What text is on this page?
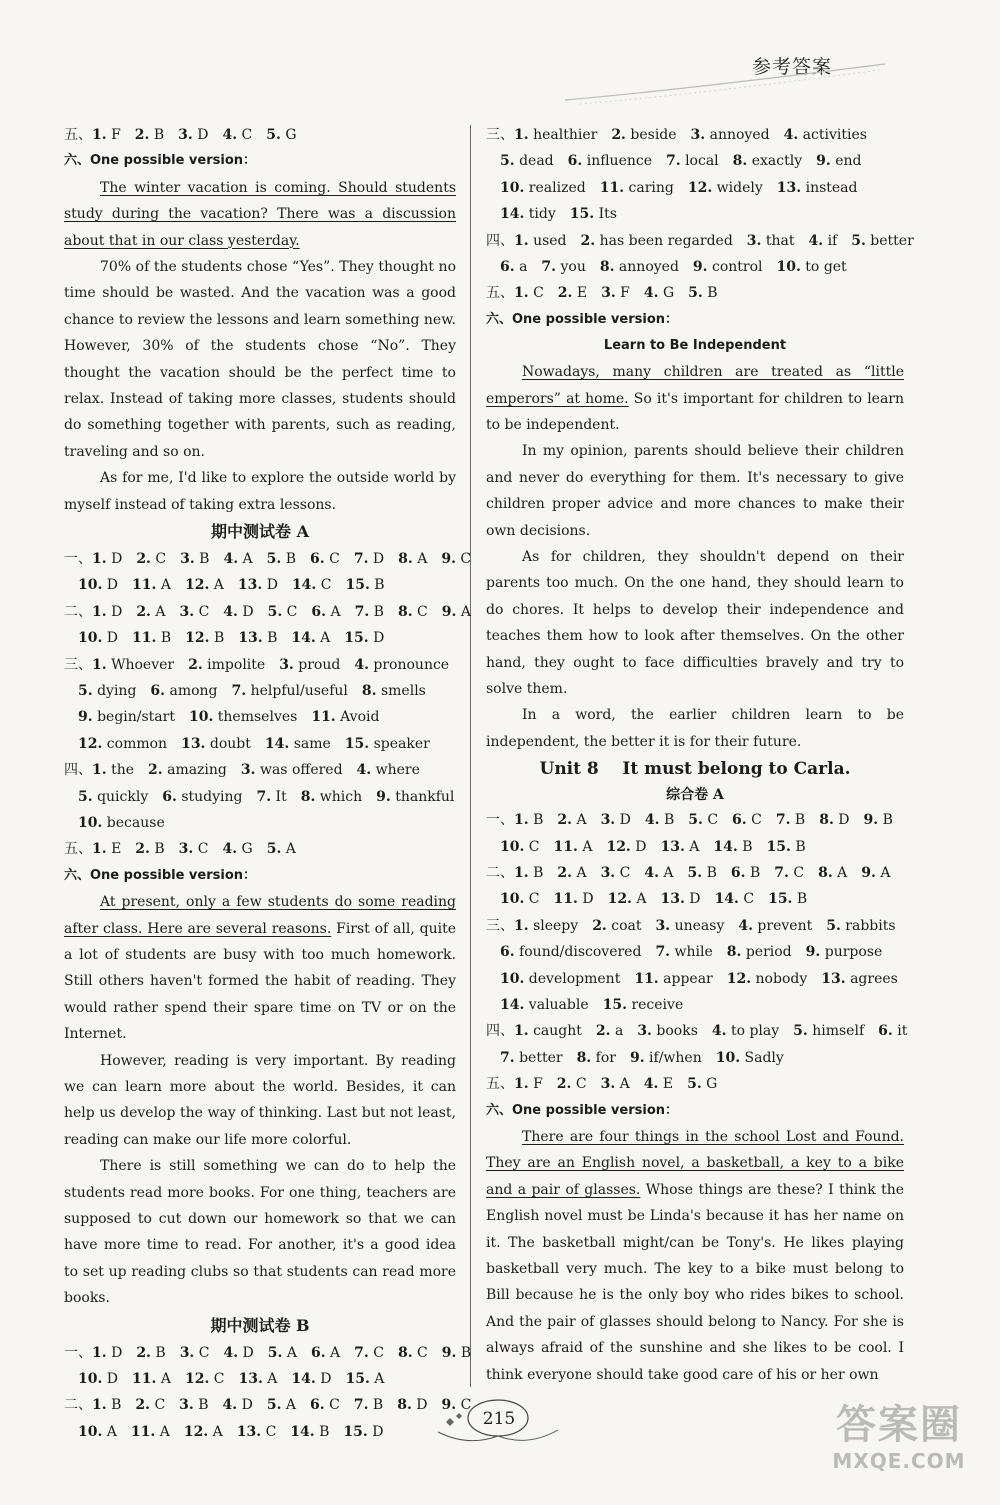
参考答案
五、1. F 2. B 3. D 4. C 5. G
六、One possible version：
The winter vacation is coming. Should students study during the vacation? There was a discussion about that in our class yesterday.
70% of the students chose “Yes”. They thought no time should be wasted. And the vacation was a good chance to review the lessons and learn something new. However, 30% of the students chose “No”. They thought the vacation should be the perfect time to relax. Instead of taking more classes, students should do something together with parents, such as reading, traveling and so on.
As for me, I'd like to explore the outside world by myself instead of taking extra lessons.
期中测试卷 A
一、1. D 2. C 3. B 4. A 5. B 6. C 7. D 8. A 9. C
10. D 11. A 12. A 13. D 14. C 15. B
二、1. D 2. A 3. C 4. D 5. C 6. A 7. B 8. C 9. A
10. D 11. B 12. B 13. B 14. A 15. D
三、1. Whoever 2. impolite 3. proud 4. pronounce
5. dying 6. among 7. helpful/useful 8. smells
9. begin/start 10. themselves 11. Avoid
12. common 13. doubt 14. same 15. speaker
四、1. the 2. amazing 3. was offered 4. where
5. quickly 6. studying 7. It 8. which 9. thankful
10. because
五、1. E 2. B 3. C 4. G 5. A
六、One possible version：
At present, only a few students do some reading after class. Here are several reasons. First of all, quite a lot of students are busy with too much homework. Still others haven't formed the habit of reading. They would rather spend their spare time on TV or on the Internet.
However, reading is very important. By reading we can learn more about the world. Besides, it can help us develop the way of thinking. Last but not least, reading can make our life more colorful.
There is still something we can do to help the students read more books. For one thing, teachers are supposed to cut down our homework so that we can have more time to read. For another, it's a good idea to set up reading clubs so that students can read more books.
期中测试卷 B
一、1. D 2. B 3. C 4. D 5. A 6. A 7. C 8. C 9. B
10. D 11. A 12. C 13. A 14. D 15. A
二、1. B 2. C 3. B 4. D 5. A 6. C 7. B 8. D 9. C
10. A 11. A 12. A 13. C 14. B 15. D
三、1. healthier 2. beside 3. annoyed 4. activities
5. dead 6. influence 7. local 8. exactly 9. end
10. realized 11. caring 12. widely 13. instead
14. tidy 15. Its
四、1. used 2. has been regarded 3. that 4. if 5. better
6. a 7. you 8. annoyed 9. control 10. to get
五、1. C 2. E 3. F 4. G 5. B
六、One possible version：
Learn to Be Independent
Nowadays, many children are treated as “little emperors” at home. So it's important for children to learn to be independent.
In my opinion, parents should believe their children and never do everything for them. It's necessary to give children proper advice and more chances to make their own decisions.
As for children, they shouldn't depend on their parents too much. On the one hand, they should learn to do chores. It helps to develop their independence and teaches them how to look after themselves. On the other hand, they ought to face difficulties bravely and try to solve them.
In a word, the earlier children learn to be independent, the better it is for their future.
Unit 8    It must belong to Carla.
综合卷 A
一、1. B 2. A 3. D 4. B 5. C 6. C 7. B 8. D 9. B
10. C 11. A 12. D 13. A 14. B 15. B
二、1. B 2. A 3. C 4. A 5. B 6. B 7. C 8. A 9. A
10. C 11. D 12. A 13. D 14. C 15. B
三、1. sleepy 2. coat 3. uneasy 4. prevent 5. rabbits
6. found/discovered 7. while 8. period 9. purpose
10. development 11. appear 12. nobody 13. agrees
14. valuable 15. receive
四、1. caught 2. a 3. books 4. to play 5. himself 6. it
7. better 8. for 9. if/when 10. Sadly
五、1. F 2. C 3. A 4. E 5. G
六、One possible version：
There are four things in the school Lost and Found. They are an English novel, a basketball, a key to a bike and a pair of glasses. Whose things are these? I think the English novel must be Linda's because it has her name on it. The basketball might/can be Tony's. He likes playing basketball very much. The key to a bike must belong to Bill because he is the only boy who rides bikes to school. And the pair of glasses should belong to Nancy. For she is always afraid of the sunshine and she likes to be cool. I think everyone should take good care of his or her own
215	答案圈
MXQE.COM
